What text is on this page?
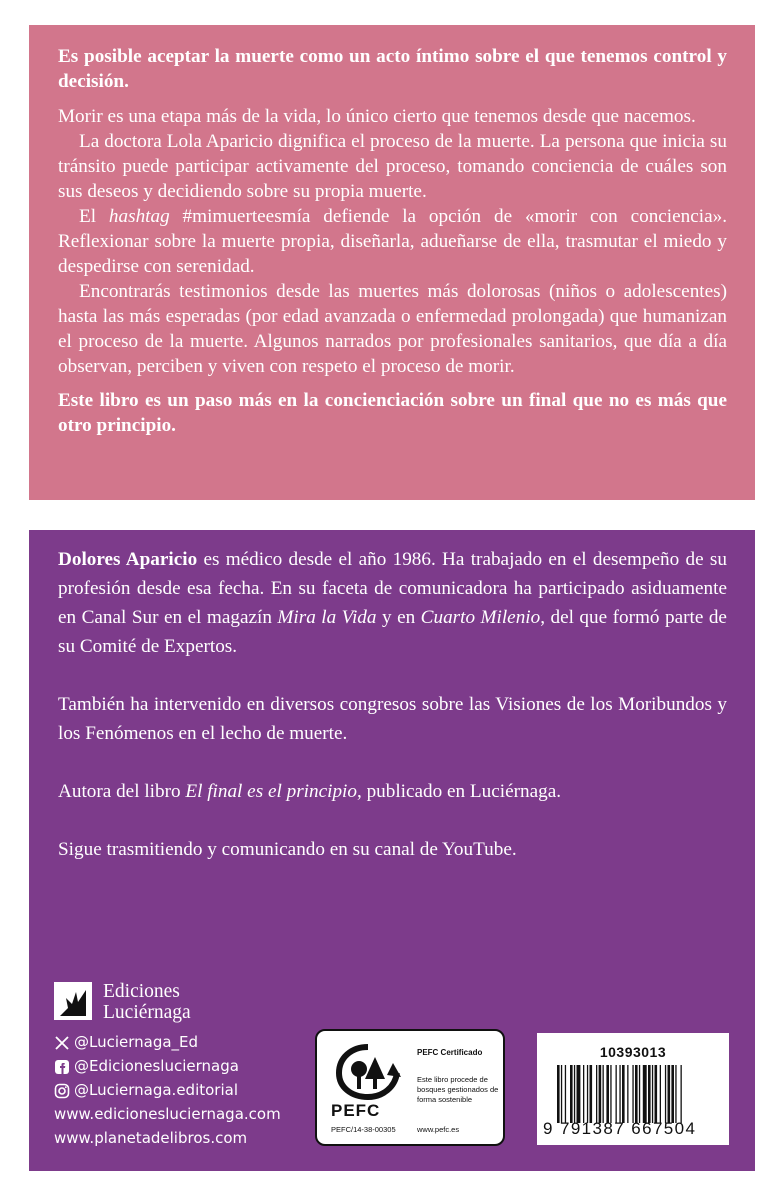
Es posible aceptar la muerte como un acto íntimo sobre el que tenemos control y decisión.

Morir es una etapa más de la vida, lo único cierto que tenemos desde que nacemos.

La doctora Lola Aparicio dignifica el proceso de la muerte. La persona que inicia su tránsito puede participar activamente del proceso, tomando conciencia de cuáles son sus deseos y decidiendo sobre su propia muerte.

El hashtag #mimuerteesmía defiende la opción de «morir con conciencia». Reflexionar sobre la muerte propia, diseñarla, adueñarse de ella, trasmutar el miedo y despedirse con serenidad.

Encontrarás testimonios desde las muertes más dolorosas (niños o adolescentes) hasta las más esperadas (por edad avanzada o enfermedad prolongada) que humanizan el proceso de la muerte. Algunos narrados por profesionales sanitarios, que día a día observan, perciben y viven con respeto el proceso de morir.

Este libro es un paso más en la concienciación sobre un final que no es más que otro principio.

Dolores Aparicio es médico desde el año 1986. Ha trabajado en el desempeño de su profesión desde esa fecha. En su faceta de comunicadora ha participado asiduamente en Canal Sur en el magazín Mira la Vida y en Cuarto Milenio, del que formó parte de su Comité de Expertos.

También ha intervenido en diversos congresos sobre las Visiones de los Moribundos y los Fenómenos en el lecho de muerte.

Autora del libro El final es el principio, publicado en Luciérnaga.

Sigue trasmitiendo y comunicando en su canal de YouTube.

Ediciones
Luciérnaga
@Luciernaga_Ed
@Edicionesluciernaga
@Luciernaga.editorial
www.edicionesluciernaga.com
www.planetadelibros.com
PEFC Certificado
Este libro procede de bosques gestionados de forma sostenible
PEFC
PEFC/14-38-00305	www.pefc.es
10393013
9 791387 667504
